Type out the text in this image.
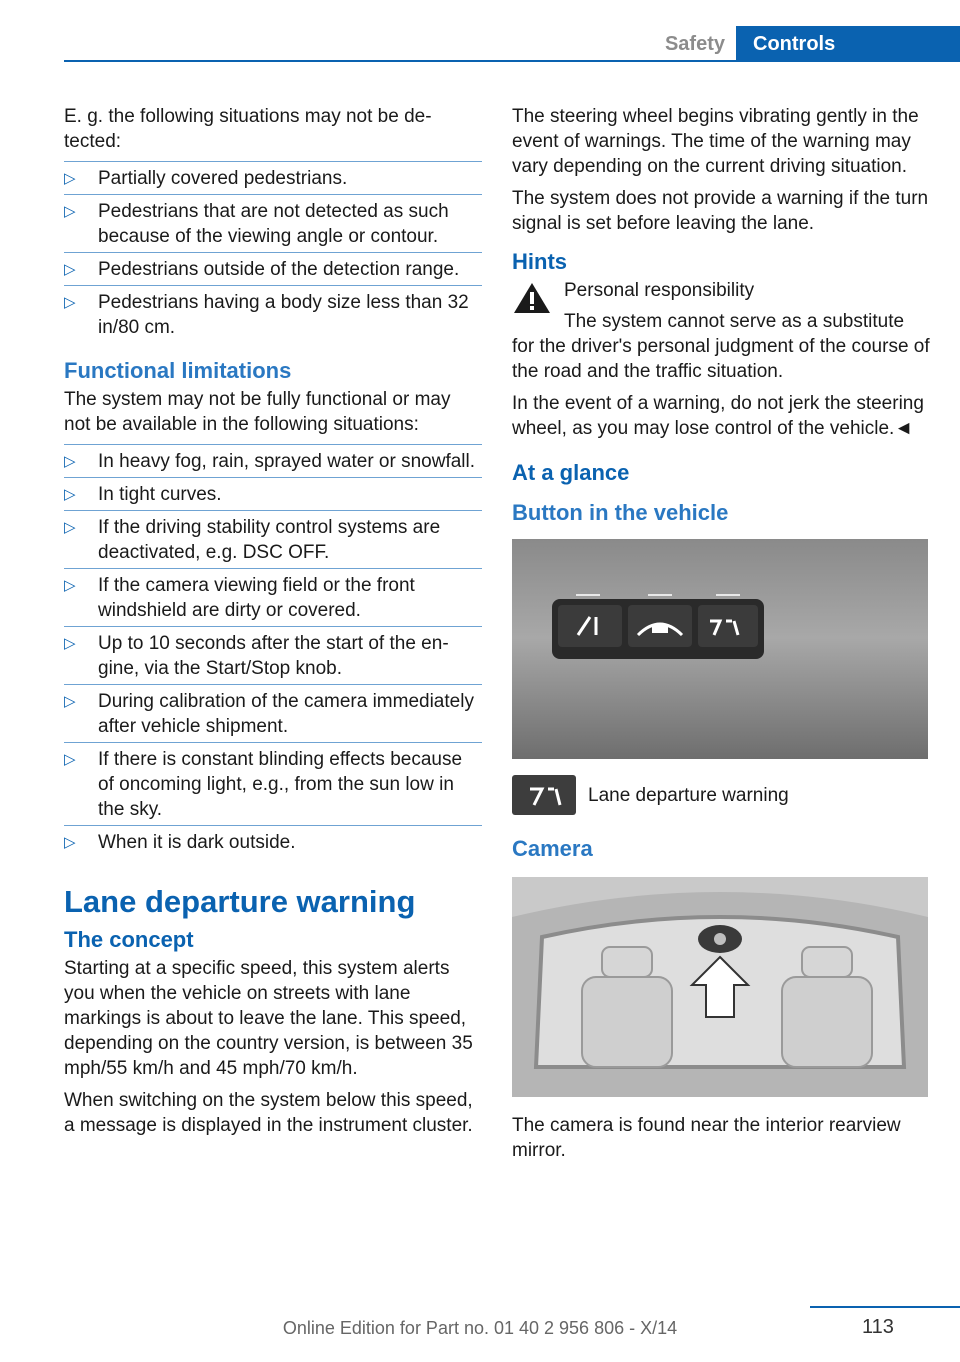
Safety	Controls

E. g. the following situations may not be detected:

▷ Partially covered pedestrians.
▷ Pedestrians that are not detected as such because of the viewing angle or contour.
▷ Pedestrians outside of the detection range.
▷ Pedestrians having a body size less than 32 in/80 cm.
Functional limitations

The system may not be fully functional or may not be available in the following situations:

▷ In heavy fog, rain, sprayed water or snowfall.
▷ In tight curves.
▷ If the driving stability control systems are deactivated, e.g. DSC OFF.
▷ If the camera viewing field or the front windshield are dirty or covered.
▷ Up to 10 seconds after the start of the engine, via the Start/Stop knob.
▷ During calibration of the camera immediately after vehicle shipment.
▷ If there is constant blinding effects because of oncoming light, e.g., from the sun low in the sky.
▷ When it is dark outside.
Lane departure warning
The concept

Starting at a specific speed, this system alerts you when the vehicle on streets with lane markings is about to leave the lane. This speed, depending on the country version, is between 35 mph/55 km/h and 45 mph/70 km/h.

When switching on the system below this speed, a message is displayed in the instrument cluster.

The steering wheel begins vibrating gently in the event of warnings. The time of the warning may vary depending on the current driving situation.

The system does not provide a warning if the turn signal is set before leaving the lane.

Hints
Personal responsibility

The system cannot serve as a substitute for the driver's personal judgment of the course of the road and the traffic situation.

In the event of a warning, do not jerk the steering wheel, as you may lose control of the vehicle.◄

At a glance
Button in the vehicle
Lane departure warning
Camera

The camera is found near the interior rearview mirror.

113
Online Edition for Part no. 01 40 2 956 806 - X/14
